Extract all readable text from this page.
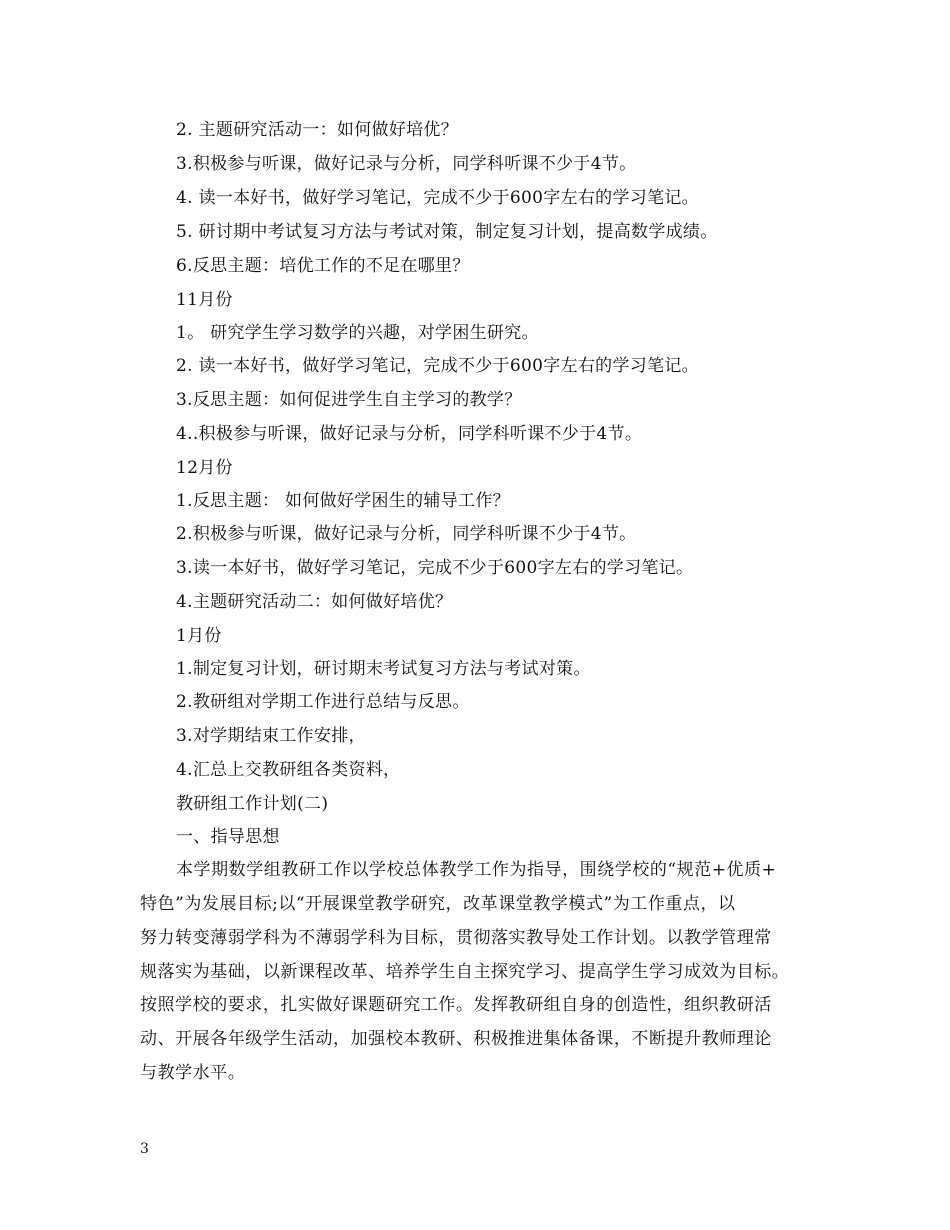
2. 主题研究活动一：如何做好培优？
3.积极参与听课，做好记录与分析，同学科听课不少于4节。
4. 读一本好书，做好学习笔记，完成不少于600字左右的学习笔记。
5. 研讨期中考试复习方法与考试对策，制定复习计划，提高数学成绩。
6.反思主题：培优工作的不足在哪里？
11月份
1。 研究学生学习数学的兴趣，对学困生研究。
2. 读一本好书，做好学习笔记，完成不少于600字左右的学习笔记。
3.反思主题：如何促进学生自主学习的教学？
4..积极参与听课，做好记录与分析，同学科听课不少于4节。
12月份
1.反思主题： 如何做好学困生的辅导工作？
2.积极参与听课，做好记录与分析，同学科听课不少于4节。
3.读一本好书，做好学习笔记，完成不少于600字左右的学习笔记。
4.主题研究活动二：如何做好培优？
1月份
1.制定复习计划，研讨期末考试复习方法与考试对策。
2.教研组对学期工作进行总结与反思。
3.对学期结束工作安排，
4.汇总上交教研组各类资料，
教研组工作计划(二)
一、指导思想
本学期数学组教研工作以学校总体教学工作为指导，围绕学校的“规范+优质+
特色”为发展目标;以“开展课堂教学研究，改革课堂教学模式”为工作重点，以
努力转变薄弱学科为不薄弱学科为目标，贯彻落实教导处工作计划。以教学管理常
规落实为基础，以新课程改革、培养学生自主探究学习、提高学生学习成效为目标。
按照学校的要求，扎实做好课题研究工作。发挥教研组自身的创造性，组织教研活
动、开展各年级学生活动，加强校本教研、积极推进集体备课，不断提升教师理论
与教学水平。
3
